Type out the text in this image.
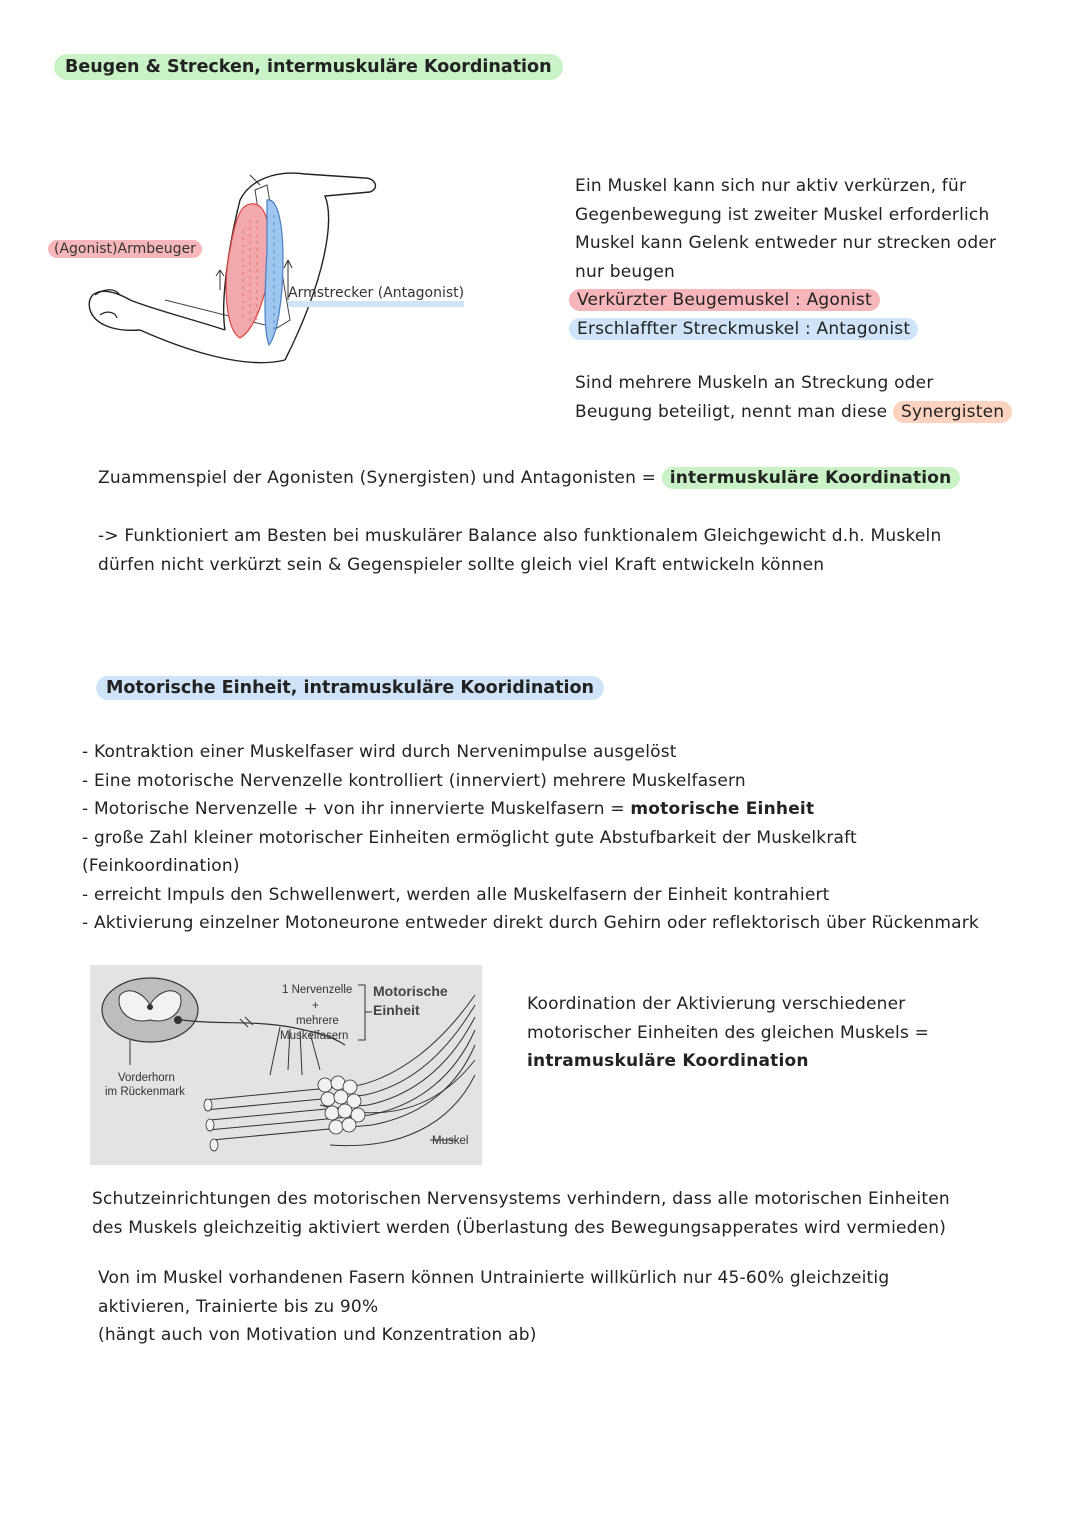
Beugen & Strecken, intermuskuläre Koordination
(Agonist)Armbeuger
Armstrecker (Antagonist)

Ein Muskel kann sich nur aktiv verkürzen, für

Gegenbewegung ist zweiter Muskel erforderlich

Muskel kann Gelenk entweder nur strecken oder

nur beugen

Verkürzter Beugemuskel : Agonist

Erschlaffter Streckmuskel : Antagonist

Sind mehrere Muskeln an Streckung oder

Beugung beteiligt, nennt man diese Synergisten

Zuammenspiel der Agonisten (Synergisten) und Antagonisten = intermuskuläre Koordination

-> Funktioniert am Besten bei muskulärer Balance also funktionalem Gleichgewicht d.h. Muskeln

dürfen nicht verkürzt sein & Gegenspieler sollte gleich viel Kraft entwickeln können

Motorische Einheit, intramuskuläre Kooridination

- Kontraktion einer Muskelfaser wird durch Nervenimpulse ausgelöst

- Eine motorische Nervenzelle kontrolliert (innerviert) mehrere Muskelfasern

- Motorische Nervenzelle + von ihr innervierte Muskelfasern = motorische Einheit

- große Zahl kleiner motorischer Einheiten ermöglicht gute Abstufbarkeit der Muskelkraft

(Feinkoordination)

- erreicht Impuls den Schwellenwert, werden alle Muskelfasern der Einheit kontrahiert

- Aktivierung einzelner Motoneurone entweder direkt durch Gehirn oder reflektorisch über Rückenmark

1 Nervenzelle
+
mehrere
Muskelfasern
Motorische
Einheit
Vorderhorn
im Rückenmark
Muskel

Koordination der Aktivierung verschiedener

motorischer Einheiten des gleichen Muskels =

intramuskuläre Koordination

Schutzeinrichtungen des motorischen Nervensystems verhindern, dass alle motorischen Einheiten

des Muskels gleichzeitig aktiviert werden (Überlastung des Bewegungsapperates wird vermieden)

Von im Muskel vorhandenen Fasern können Untrainierte willkürlich nur 45-60% gleichzeitig

aktivieren, Trainierte bis zu 90%

(hängt auch von Motivation und Konzentration ab)
